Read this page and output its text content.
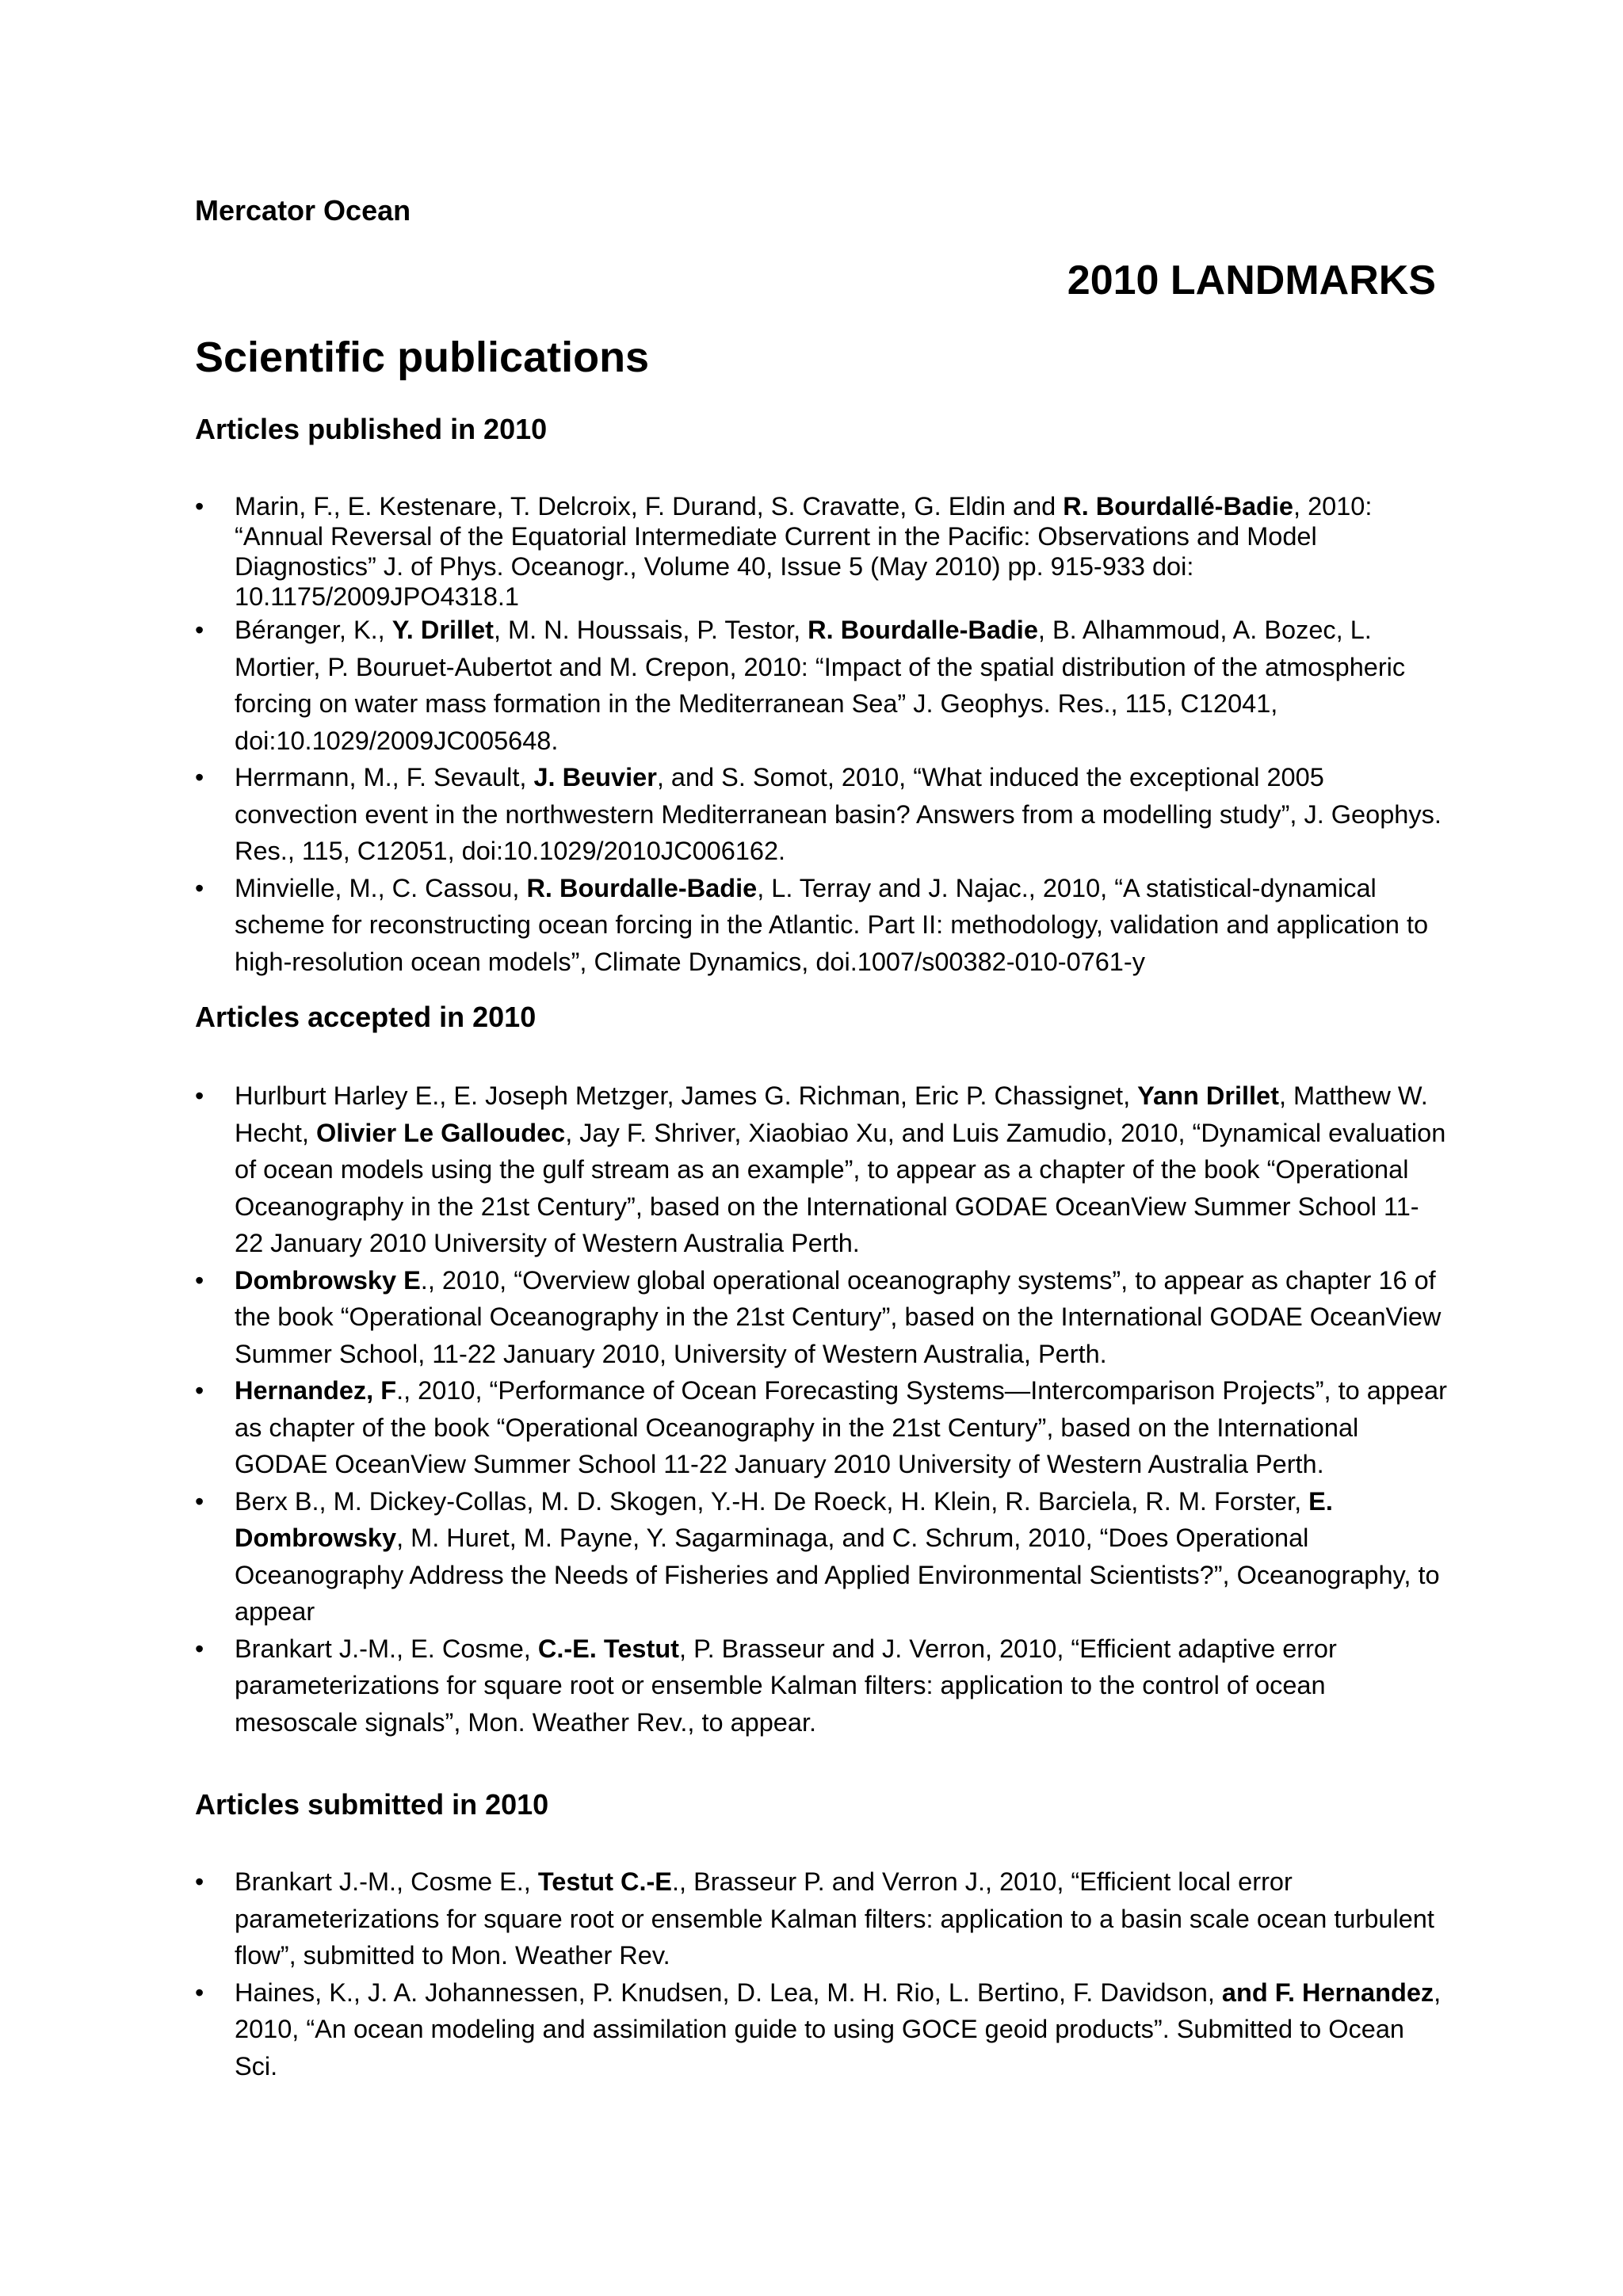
Mercator Ocean
2010 LANDMARKS
Scientific publications
Articles published in 2010
• Marin, F., E. Kestenare, T. Delcroix, F. Durand, S. Cravatte, G. Eldin and R. Bourdallé-Badie, 2010: “Annual Reversal of the Equatorial Intermediate Current in the Pacific: Observations and Model Diagnostics” J. of Phys. Oceanogr., Volume 40, Issue 5 (May 2010) pp. 915-933 doi: 10.1175/2009JPO4318.1
• Béranger, K., Y. Drillet, M. N. Houssais, P. Testor, R. Bourdalle-Badie, B. Alhammoud, A. Bozec, L. Mortier, P. Bouruet-Aubertot and M. Crepon, 2010: “Impact of the spatial distribution of the atmospheric forcing on water mass formation in the Mediterranean Sea” J. Geophys. Res., 115, C12041, doi:10.1029/2009JC005648.
• Herrmann, M., F. Sevault, J. Beuvier, and S. Somot, 2010, “What induced the exceptional 2005 convection event in the northwestern Mediterranean basin? Answers from a modelling study”, J. Geophys. Res., 115, C12051, doi:10.1029/2010JC006162.
• Minvielle, M., C. Cassou, R. Bourdalle-Badie, L. Terray and J. Najac., 2010, “A statistical-dynamical scheme for reconstructing ocean forcing in the Atlantic. Part II: methodology, validation and application to high-resolution ocean models”, Climate Dynamics, doi.1007/s00382-010-0761-y
Articles accepted in 2010
• Hurlburt Harley E., E. Joseph Metzger, James G. Richman, Eric P. Chassignet, Yann Drillet, Matthew W. Hecht, Olivier Le Galloudec, Jay F. Shriver, Xiaobiao Xu, and Luis Zamudio, 2010, “Dynamical evaluation of ocean models using the gulf stream as an example”, to appear as a chapter of the book “Operational Oceanography in the 21st Century”, based on the International GODAE OceanView Summer School 11-22 January 2010 University of Western Australia Perth.
• Dombrowsky E., 2010, “Overview global operational oceanography systems”, to appear as chapter 16 of the book “Operational Oceanography in the 21st Century”, based on the International GODAE OceanView Summer School, 11-22 January 2010, University of Western Australia, Perth.
• Hernandez, F., 2010, “Performance of Ocean Forecasting Systems—Intercomparison Projects”, to appear as chapter of the book “Operational Oceanography in the 21st Century”, based on the International GODAE OceanView Summer School 11-22 January 2010 University of Western Australia Perth.
• Berx B., M. Dickey-Collas, M. D. Skogen, Y.-H. De Roeck, H. Klein, R. Barciela, R. M. Forster, E. Dombrowsky, M. Huret, M. Payne, Y. Sagarminaga, and C. Schrum, 2010, “Does Operational Oceanography Address the Needs of Fisheries and Applied Environmental Scientists?”, Oceanography, to appear
• Brankart J.-M., E. Cosme, C.-E. Testut, P. Brasseur and J. Verron, 2010, “Efficient adaptive error parameterizations for square root or ensemble Kalman filters: application to the control of ocean mesoscale signals”, Mon. Weather Rev., to appear.
Articles submitted in 2010
• Brankart J.-M., Cosme E., Testut C.-E., Brasseur P. and Verron J., 2010, “Efficient local error parameterizations for square root or ensemble Kalman filters: application to a basin scale ocean turbulent flow”, submitted to Mon. Weather Rev.
• Haines, K., J. A. Johannessen, P. Knudsen, D. Lea, M. H. Rio, L. Bertino, F. Davidson, and F. Hernandez, 2010, “An ocean modeling and assimilation guide to using GOCE geoid products”. Submitted to Ocean Sci.
